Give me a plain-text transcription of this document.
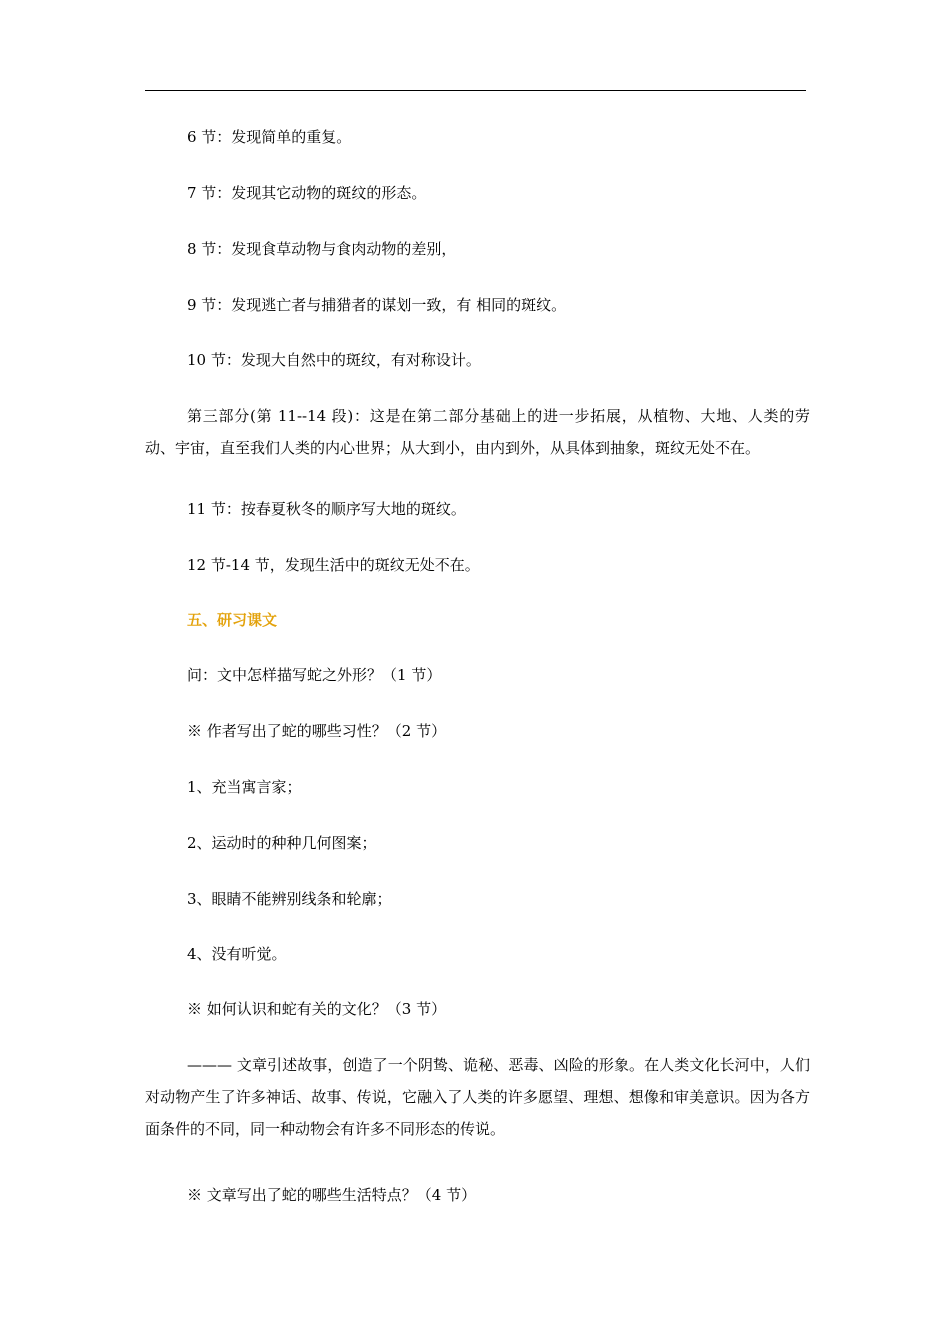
6 节：发现简单的重复。
7 节：发现其它动物的斑纹的形态。
8 节：发现食草动物与食肉动物的差别，
9 节：发现逃亡者与捕猎者的谋划一致，有 相同的斑纹。
10 节：发现大自然中的斑纹，有对称设计。

第三部分(第 11--14 段)：这是在第二部分基础上的进一步拓展，从植物、大地、人类的劳动、宇宙，直至我们人类的内心世界；从大到小，由内到外，从具体到抽象，斑纹无处不在。

11 节：按春夏秋冬的顺序写大地的斑纹。
12 节-14 节，发现生活中的斑纹无处不在。
五、研习课文
问：文中怎样描写蛇之外形？（1 节）
※ 作者写出了蛇的哪些习性？（2 节）
1、充当寓言家；
2、运动时的种种几何图案；
3、眼睛不能辨别线条和轮廓；
4、没有听觉。
※ 如何认识和蛇有关的文化？（3 节）

——— 文章引述故事，创造了一个阴鸷、诡秘、恶毒、凶险的形象。在人类文化长河中，人们对动物产生了许多神话、故事、传说，它融入了人类的许多愿望、理想、想像和审美意识。因为各方面条件的不同，同一种动物会有许多不同形态的传说。

※ 文章写出了蛇的哪些生活特点？（4 节）
